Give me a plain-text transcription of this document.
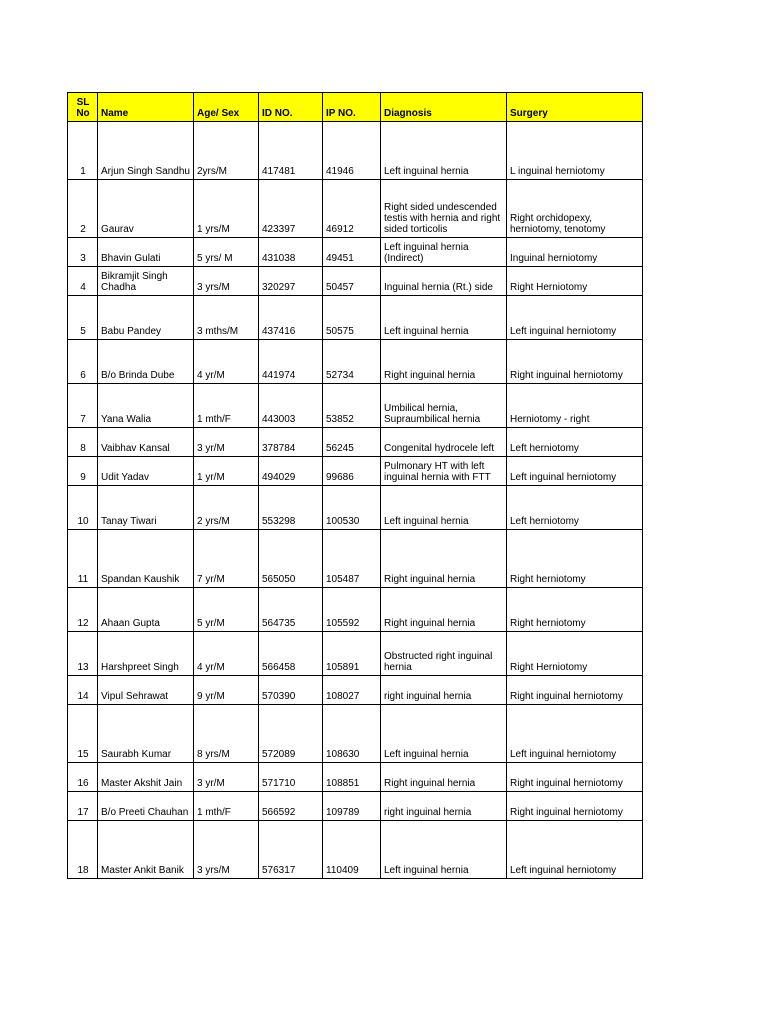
SL No	Name	Age/ Sex	ID NO.	IP NO.	Diagnosis	Surgery
1	Arjun Singh Sandhu	2yrs/M	417481	41946	Left inguinal hernia	L inguinal herniotomy
2	Gaurav	1 yrs/M	423397	46912	Right sided undescended testis with hernia and right sided torticolis	Right orchidopexy, herniotomy, tenotomy
3	Bhavin Gulati	5 yrs/ M	431038	49451	Left inguinal hernia (Indirect)	Inguinal herniotomy
4	Bikramjit Singh Chadha	3 yrs/M	320297	50457	Inguinal hernia (Rt.) side	Right Herniotomy
5	Babu Pandey	3 mths/M	437416	50575	Left inguinal hernia	Left inguinal herniotomy
6	B/o Brinda Dube	4 yr/M	441974	52734	Right inguinal hernia	Right inguinal herniotomy
7	Yana Walia	1 mth/F	443003	53852	Umbilical hernia, Supraumbilical hernia	Herniotomy - right
8	Vaibhav Kansal	3 yr/M	378784	56245	Congenital hydrocele left	Left herniotomy
9	Udit Yadav	1 yr/M	494029	99686	Pulmonary HT with left inguinal hernia with FTT	Left inguinal herniotomy
10	Tanay Tiwari	2 yrs/M	553298	100530	Left inguinal hernia	Left herniotomy
11	Spandan Kaushik	7 yr/M	565050	105487	Right inguinal hernia	Right herniotomy
12	Ahaan Gupta	5 yr/M	564735	105592	Right inguinal hernia	Right herniotomy
13	Harshpreet Singh	4 yr/M	566458	105891	Obstructed right inguinal hernia	Right Herniotomy
14	Vipul Sehrawat	9 yr/M	570390	108027	right inguinal hernia	Right inguinal herniotomy
15	Saurabh Kumar	8 yrs/M	572089	108630	Left inguinal hernia	Left inguinal herniotomy
16	Master Akshit Jain	3 yr/M	571710	108851	Right inguinal hernia	Right inguinal herniotomy
17	B/o Preeti Chauhan	1 mth/F	566592	109789	right inguinal hernia	Right inguinal herniotomy
18	Master Ankit Banik	3 yrs/M	576317	110409	Left inguinal hernia	Left inguinal herniotomy
